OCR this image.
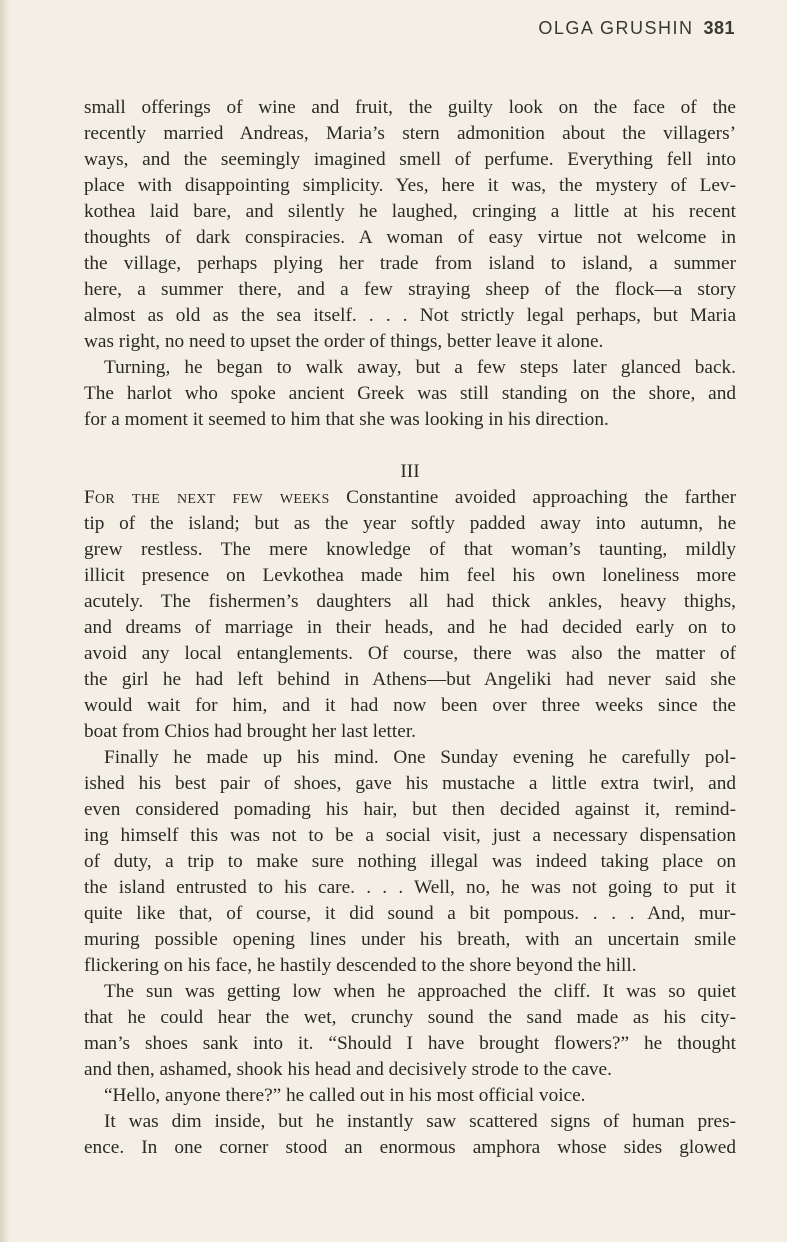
OLGA GRUSHIN 381
small offerings of wine and fruit, the guilty look on the face of the
recently married Andreas, Maria’s stern admonition about the villagers’
ways, and the seemingly imagined smell of perfume. Everything fell into
place with disappointing simplicity. Yes, here it was, the mystery of Lev-
kothea laid bare, and silently he laughed, cringing a little at his recent
thoughts of dark conspiracies. A woman of easy virtue not welcome in
the village, perhaps plying her trade from island to island, a summer
here, a summer there, and a few straying sheep of the flock—a story
almost as old as the sea itself. . . . Not strictly legal perhaps, but Maria
was right, no need to upset the order of things, better leave it alone.
Turning, he began to walk away, but a few steps later glanced back.
The harlot who spoke ancient Greek was still standing on the shore, and
for a moment it seemed to him that she was looking in his direction.
III
For the next few weeks Constantine avoided approaching the farther
tip of the island; but as the year softly padded away into autumn, he
grew restless. The mere knowledge of that woman’s taunting, mildly
illicit presence on Levkothea made him feel his own loneliness more
acutely. The fishermen’s daughters all had thick ankles, heavy thighs,
and dreams of marriage in their heads, and he had decided early on to
avoid any local entanglements. Of course, there was also the matter of
the girl he had left behind in Athens—but Angeliki had never said she
would wait for him, and it had now been over three weeks since the
boat from Chios had brought her last letter.
Finally he made up his mind. One Sunday evening he carefully pol-
ished his best pair of shoes, gave his mustache a little extra twirl, and
even considered pomading his hair, but then decided against it, remind-
ing himself this was not to be a social visit, just a necessary dispensation
of duty, a trip to make sure nothing illegal was indeed taking place on
the island entrusted to his care. . . . Well, no, he was not going to put it
quite like that, of course, it did sound a bit pompous. . . . And, mur-
muring possible opening lines under his breath, with an uncertain smile
flickering on his face, he hastily descended to the shore beyond the hill.
The sun was getting low when he approached the cliff. It was so quiet
that he could hear the wet, crunchy sound the sand made as his city-
man’s shoes sank into it. “Should I have brought flowers?” he thought
and then, ashamed, shook his head and decisively strode to the cave.
“Hello, anyone there?” he called out in his most official voice.
It was dim inside, but he instantly saw scattered signs of human pres-
ence. In one corner stood an enormous amphora whose sides glowed
